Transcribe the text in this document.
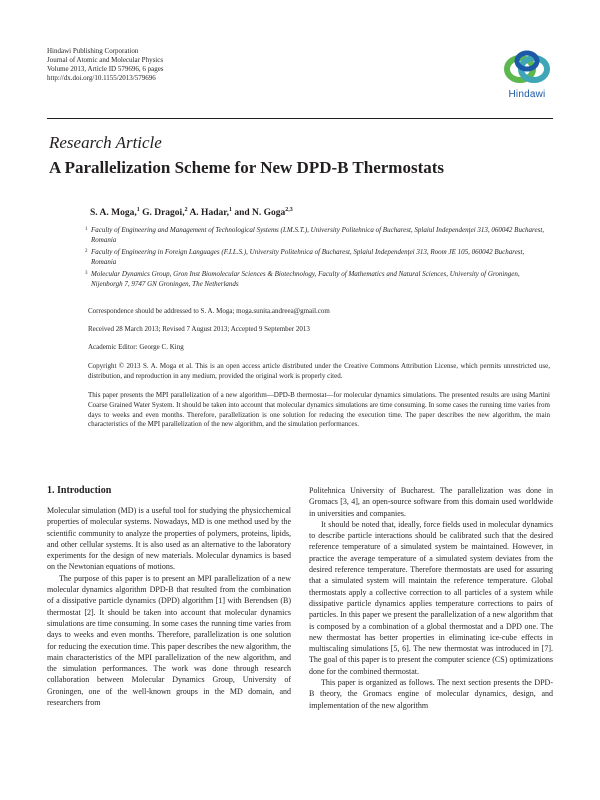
Hindawi Publishing Corporation
Journal of Atomic and Molecular Physics
Volume 2013, Article ID 579696, 6 pages
http://dx.doi.org/10.1155/2013/579696
Hindawi
Research Article
A Parallelization Scheme for New DPD-B Thermostats
S. A. Moga,$^1$ G. Dragoi,$^2$ A. Hadar,$^1$ and N. Goga$^{2,3}$
1 Faculty of Engineering and Management of Technological Systems (I.M.S.T.), University Politehnica of Bucharest, Splaiul Independenței 313, 060042 Bucharest, Romania
2 Faculty of Engineering in Foreign Languages (F.I.L.S.), University Politehnica of Bucharest, Splaiul Independenței 313, Room JE 105, 060042 Bucharest, Romania
3 Molecular Dynamics Group, Gron Inst Biomolecular Sciences & Biotechnology, Faculty of Mathematics and Natural Sciences, University of Groningen, Nijenborgh 7, 9747 GN Groningen, The Netherlands
Correspondence should be addressed to S. A. Moga; moga.sunita.andreea@gmail.com
Received 28 March 2013; Revised 7 August 2013; Accepted 9 September 2013
Academic Editor: George C. King
Copyright © 2013 S. A. Moga et al. This is an open access article distributed under the Creative Commons Attribution License, which permits unrestricted use, distribution, and reproduction in any medium, provided the original work is properly cited.
This paper presents the MPI parallelization of a new algorithm—DPD-B thermostat—for molecular dynamics simulations. The presented results are using Martini Coarse Grained Water System. It should be taken into account that molecular dynamics simulations are time consuming. In some cases the running time varies from days to weeks and even months. Therefore, parallelization is one solution for reducing the execution time. The paper describes the new algorithm, the main characteristics of the MPI parallelization of the new algorithm, and the simulation performances.
1. Introduction

Molecular simulation (MD) is a useful tool for studying the physicchemical properties of molecular systems. Nowadays, MD is one method used by the scientific community to analyze the properties of polymers, proteins, lipids, and other cellular systems. It is also used as an alternative to the laboratory experiments for the design of new materials. Molecular dynamics is based on the Newtonian equations of motions.

The purpose of this paper is to present an MPI parallelization of a new molecular dynamics algorithm DPD-B that resulted from the combination of a dissipative particle dynamics (DPD) algorithm [1] with Berendsen (B) thermostat [2]. It should be taken into account that molecular dynamics simulations are time consuming. In some cases the running time varies from days to weeks and even months. Therefore, parallelization is one solution for reducing the execution time. This paper describes the new algorithm, the main characteristics of the MPI parallelization of the new algorithm, and the simulation performances. The work was done through research collaboration between Molecular Dynamics Group, University of Groningen, one of the well-known groups in the MD domain, and researchers from

Politehnica University of Bucharest. The parallelization was done in Gromacs [3, 4], an open-source software from this domain used worldwide in universities and companies.

It should be noted that, ideally, force fields used in molecular dynamics to describe particle interactions should be calibrated such that the desired reference temperature of a simulated system be maintained. However, in practice the average temperature of a simulated system deviates from the desired reference temperature. Therefore thermostats are used for assuring that a simulated system will maintain the reference temperature. Global thermostats apply a collective correction to all particles of a system while dissipative particle dynamics applies temperature corrections to pairs of particles. In this paper we present the parallelization of a new algorithm that is composed by a combination of a global thermostat and a DPD one. The new thermostat has better properties in eliminating ice-cube effects in multiscaling simulations [5, 6]. The new thermostat was introduced in [7]. The goal of this paper is to present the computer science (CS) optimizations done for the combined thermostat.

This paper is organized as follows. The next section presents the DPD-B theory, the Gromacs engine of molecular dynamics, design, and implementation of the new algorithm
